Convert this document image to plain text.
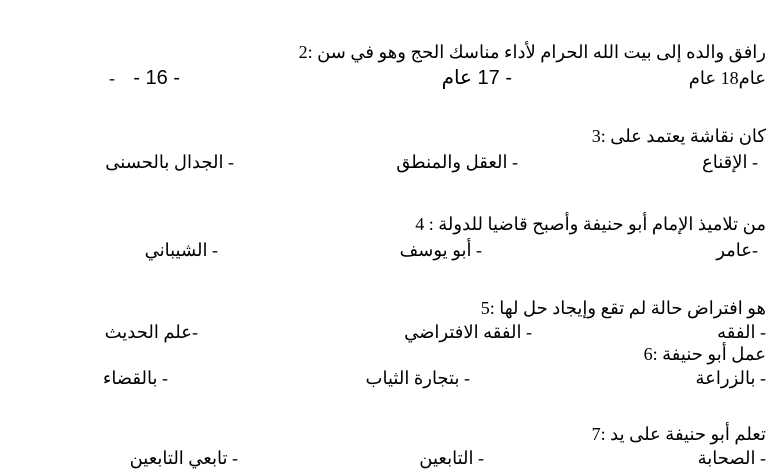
رافق والده إلى بيت الله الحرام لأداء مناسك الحج وهو في سن :2
عام18 عام
- 17 عام
- 16 -
-
كان نقاشة يعتمد على :3
- الإقناع
- العقل والمنطق
- الجدال بالحسنى
من تلاميذ الإمام أبو حنيفة وأصبح قاضيا للدولة : 4
-عامر
- أبو يوسف
- الشيباني
هو افتراض حالة لم تقع وإيجاد حل لها :5
- الفقه
- الفقه الافتراضي
-علم الحديث
عمل أبو حنيفة :6
- بالزراعة
- بتجارة الثياب
- بالقضاء
تعلم أبو حنيفة على يد :7
- الصحابة
- التابعين
- تابعي التابعين
